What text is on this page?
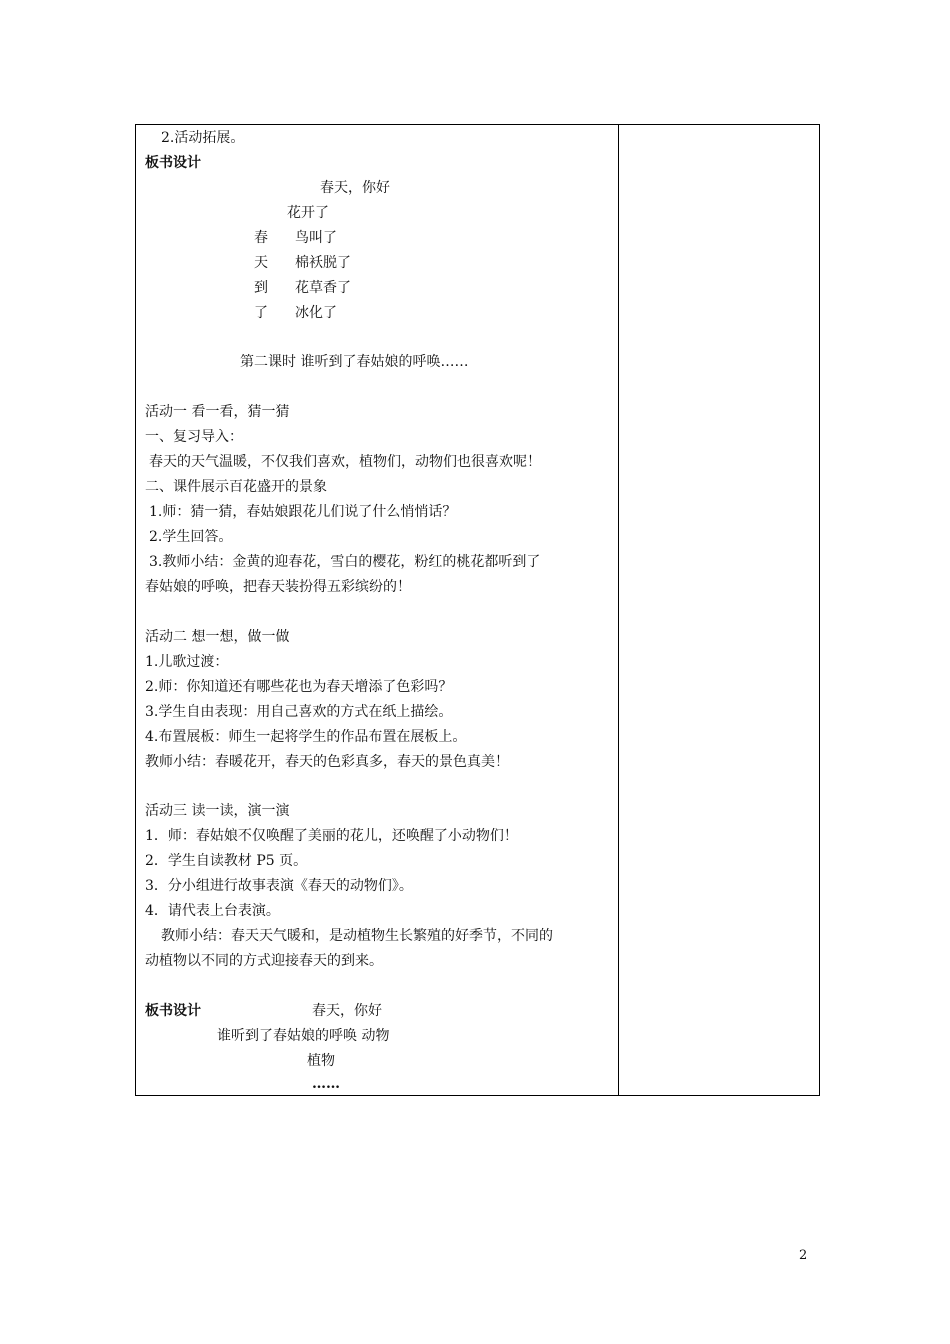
2.活动拓展。
板书设计
春天，你好
花开了
春 鸟叫了
天 棉袄脱了
到 花草香了
了 冰化了
第二课时 谁听到了春姑娘的呼唤……
活动一 看一看，猜一猜
一、复习导入：
春天的天气温暖，不仅我们喜欢，植物们，动物们也很喜欢呢！
二、课件展示百花盛开的景象
1.师：猜一猜，春姑娘跟花儿们说了什么悄悄话？
2.学生回答。
3.教师小结：金黄的迎春花，雪白的樱花，粉红的桃花都听到了
春姑娘的呼唤，把春天装扮得五彩缤纷的！
活动二 想一想，做一做
1.儿歌过渡：
2.师：你知道还有哪些花也为春天增添了色彩吗？
3.学生自由表现：用自己喜欢的方式在纸上描绘。
4.布置展板：师生一起将学生的作品布置在展板上。
教师小结：春暖花开，春天的色彩真多，春天的景色真美！
活动三 读一读，演一演
1．师：春姑娘不仅唤醒了美丽的花儿，还唤醒了小动物们！
2．学生自读教材 P5 页。
3．分小组进行故事表演《春天的动物们》。
4．请代表上台表演。
教师小结：春天天气暖和，是动植物生长繁殖的好季节，不同的
动植物以不同的方式迎接春天的到来。
板书设计	春天，你好
谁听到了春姑娘的呼唤 动物
植物
……
2
